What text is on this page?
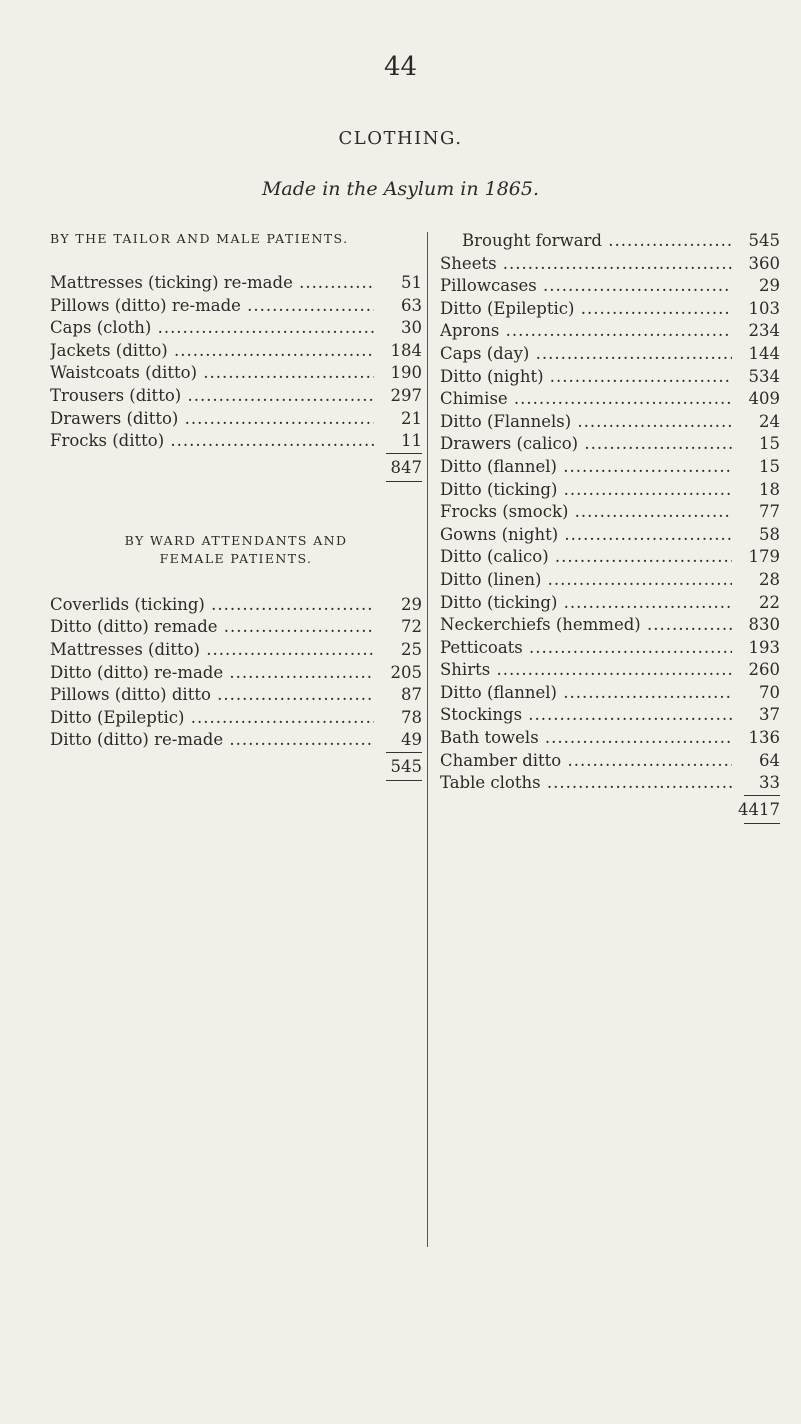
44
CLOTHING.
Made in the Asylum in 1865.
BY THE TAILOR AND MALE PATIENTS.
Mattresses (ticking) re-made .....	51
Pillows (ditto) re-made .....	63
Caps (cloth) .....	30
Jackets (ditto) .....	184
Waistcoats (ditto) .....	190
Trousers (ditto) .....	297
Drawers (ditto) .....	21
Frocks (ditto) .....	11
847
BY WARD ATTENDANTS AND
FEMALE PATIENTS.
Coverlids (ticking) .....	29
Ditto (ditto) remade .....	72
Mattresses (ditto) .....	25
Ditto (ditto) re-made .....	205
Pillows (ditto) ditto .....	87
Ditto (Epileptic) .....	78
Ditto (ditto) re-made .....	49
545
Brought forward .....	545
Sheets .....	360
Pillowcases .....	29
Ditto (Epileptic) .....	103
Aprons .....	234
Caps (day) .....	144
Ditto (night) .....	534
Chimise .....	409
Ditto (Flannels) .....	24
Drawers (calico) .....	15
Ditto (flannel) .....	15
Ditto (ticking) .....	18
Frocks (smock) .....	77
Gowns (night) .....	58
Ditto (calico) .....	179
Ditto (linen) .....	28
Ditto (ticking) .....	22
Neckerchiefs (hemmed) .....	830
Petticoats .....	193
Shirts .....	260
Ditto (flannel) .....	70
Stockings .....	37
Bath towels .....	136
Chamber ditto .....	64
Table cloths .....	33
4417
